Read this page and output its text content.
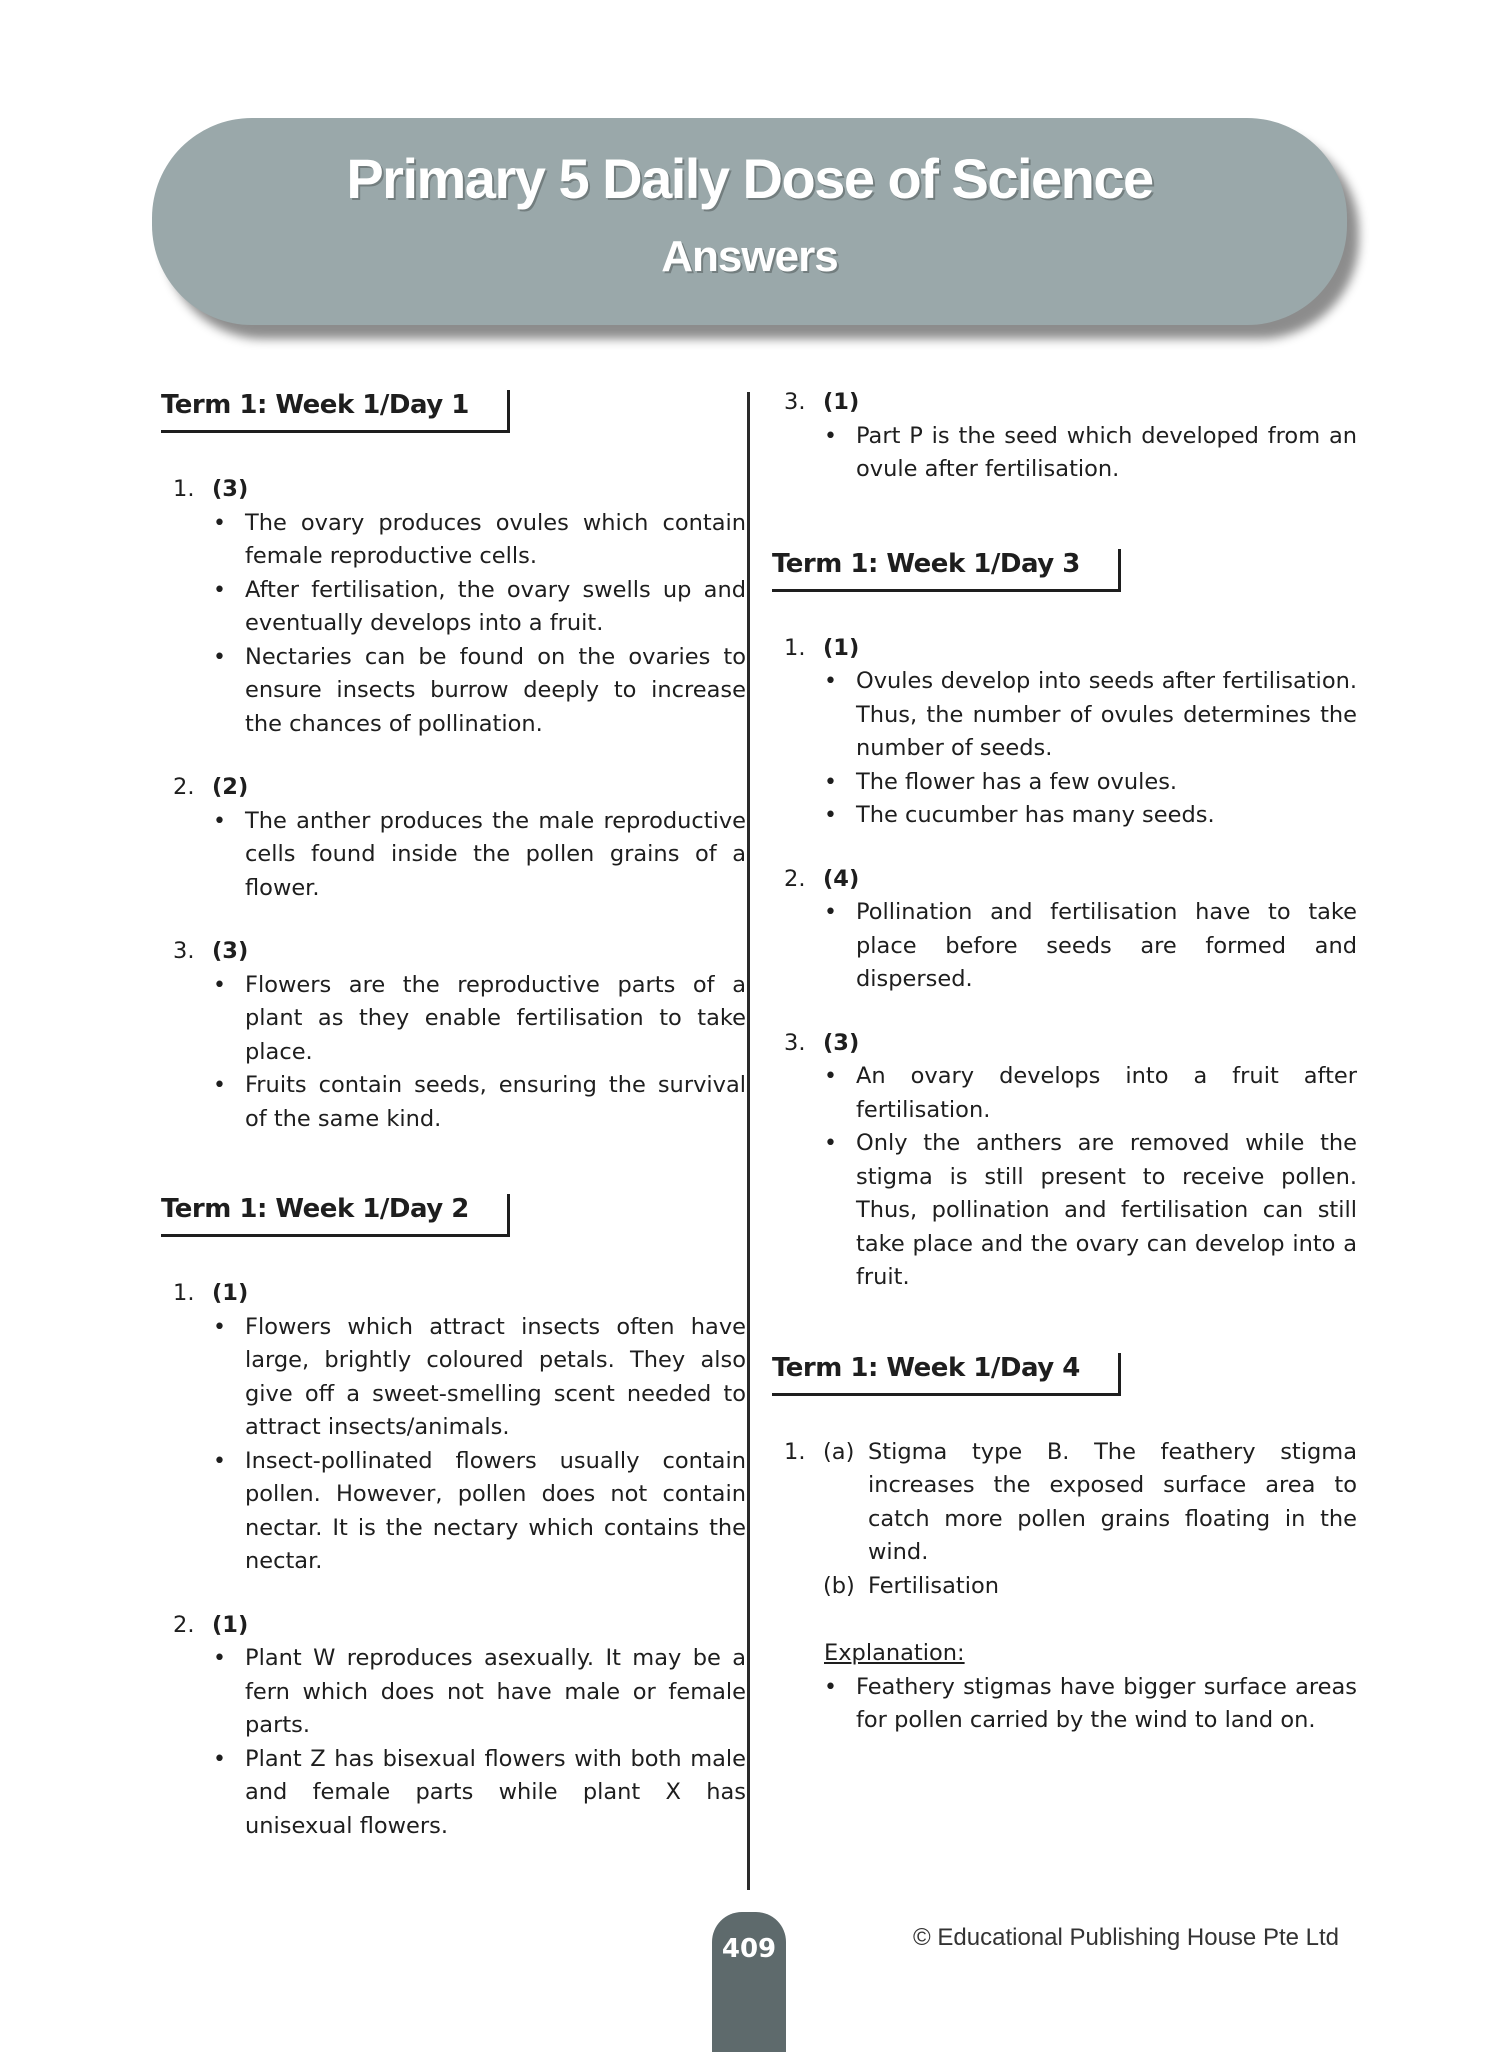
Primary 5 Daily Dose of Science
Answers
Term 1: Week 1/Day 1
1. (3)
• The ovary produces ovules which contain female reproductive cells.
• After fertilisation, the ovary swells up and eventually develops into a fruit.
• Nectaries can be found on the ovaries to ensure insects burrow deeply to increase the chances of pollination.
2. (2)
• The anther produces the male reproductive cells found inside the pollen grains of a flower.
3. (3)
• Flowers are the reproductive parts of a plant as they enable fertilisation to take place.
• Fruits contain seeds, ensuring the survival of the same kind.
Term 1: Week 1/Day 2
1. (1)
• Flowers which attract insects often have large, brightly coloured petals. They also give off a sweet-smelling scent needed to attract insects/animals.
• Insect-pollinated flowers usually contain pollen. However, pollen does not contain nectar. It is the nectary which contains the nectar.
2. (1)
• Plant W reproduces asexually. It may be a fern which does not have male or female parts.
• Plant Z has bisexual flowers with both male and female parts while plant X has unisexual flowers.
3. (1)
• Part P is the seed which developed from an ovule after fertilisation.
Term 1: Week 1/Day 3
1. (1)
• Ovules develop into seeds after fertilisation. Thus, the number of ovules determines the number of seeds.
• The flower has a few ovules.
• The cucumber has many seeds.
2. (4)
• Pollination and fertilisation have to take place before seeds are formed and dispersed.
3. (3)
• An ovary develops into a fruit after fertilisation.
• Only the anthers are removed while the stigma is still present to receive pollen. Thus, pollination and fertilisation can still take place and the ovary can develop into a fruit.
Term 1: Week 1/Day 4
1. (a) Stigma type B. The feathery stigma increases the exposed surface area to catch more pollen grains floating in the wind.
(b) Fertilisation
Explanation:
• Feathery stigmas have bigger surface areas for pollen carried by the wind to land on.
409	© Educational Publishing House Pte Ltd
